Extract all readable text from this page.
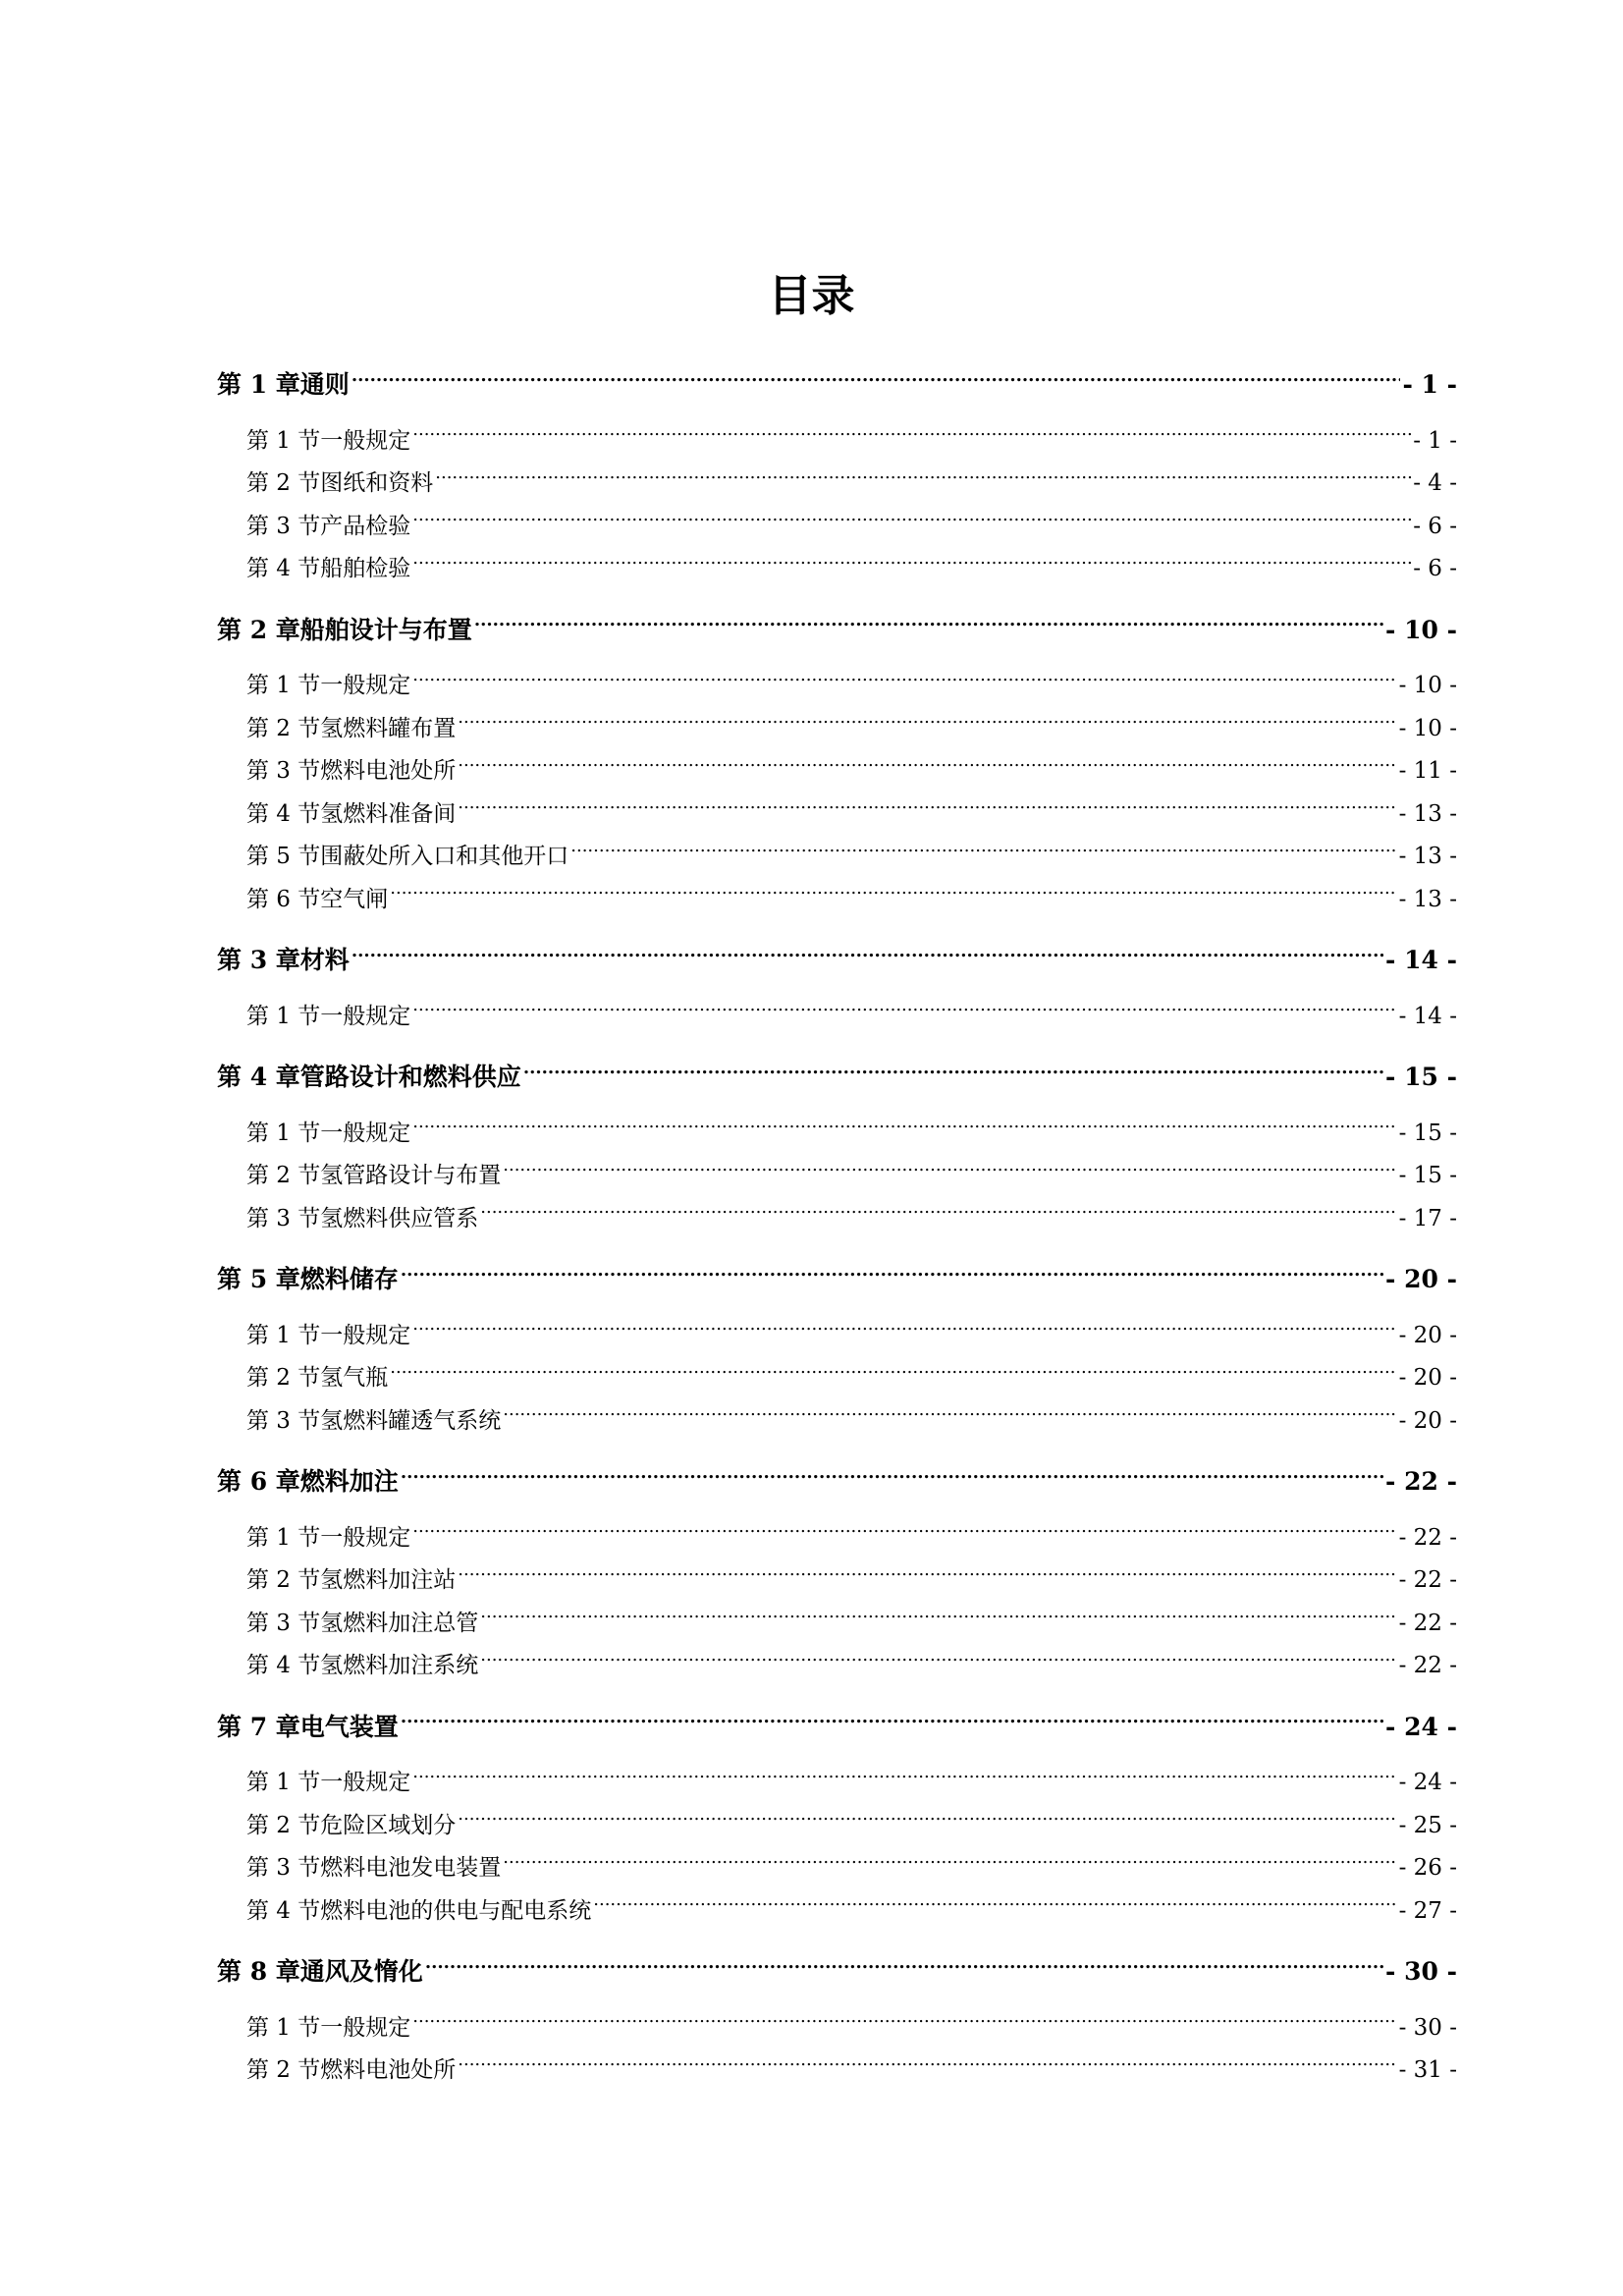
目录
第 1 章通则 .....	- 1 -
第 1 节一般规定 .....	- 1 -
第 2 节图纸和资料 .....	- 4 -
第 3 节产品检验 .....	- 6 -
第 4 节船舶检验 .....	- 6 -
第 2 章船舶设计与布置 .....	- 10 -
第 1 节一般规定 .....	- 10 -
第 2 节氢燃料罐布置 .....	- 10 -
第 3 节燃料电池处所 .....	- 11 -
第 4 节氢燃料准备间 .....	- 13 -
第 5 节围蔽处所入口和其他开口 .....	- 13 -
第 6 节空气闸 .....	- 13 -
第 3 章材料 .....	- 14 -
第 1 节一般规定 .....	- 14 -
第 4 章管路设计和燃料供应 .....	- 15 -
第 1 节一般规定 .....	- 15 -
第 2 节氢管路设计与布置 .....	- 15 -
第 3 节氢燃料供应管系 .....	- 17 -
第 5 章燃料储存 .....	- 20 -
第 1 节一般规定 .....	- 20 -
第 2 节氢气瓶 .....	- 20 -
第 3 节氢燃料罐透气系统 .....	- 20 -
第 6 章燃料加注 .....	- 22 -
第 1 节一般规定 .....	- 22 -
第 2 节氢燃料加注站 .....	- 22 -
第 3 节氢燃料加注总管 .....	- 22 -
第 4 节氢燃料加注系统 .....	- 22 -
第 7 章电气装置 .....	- 24 -
第 1 节一般规定 .....	- 24 -
第 2 节危险区域划分 .....	- 25 -
第 3 节燃料电池发电装置 .....	- 26 -
第 4 节燃料电池的供电与配电系统 .....	- 27 -
第 8 章通风及惰化 .....	- 30 -
第 1 节一般规定 .....	- 30 -
第 2 节燃料电池处所 .....	- 31 -
